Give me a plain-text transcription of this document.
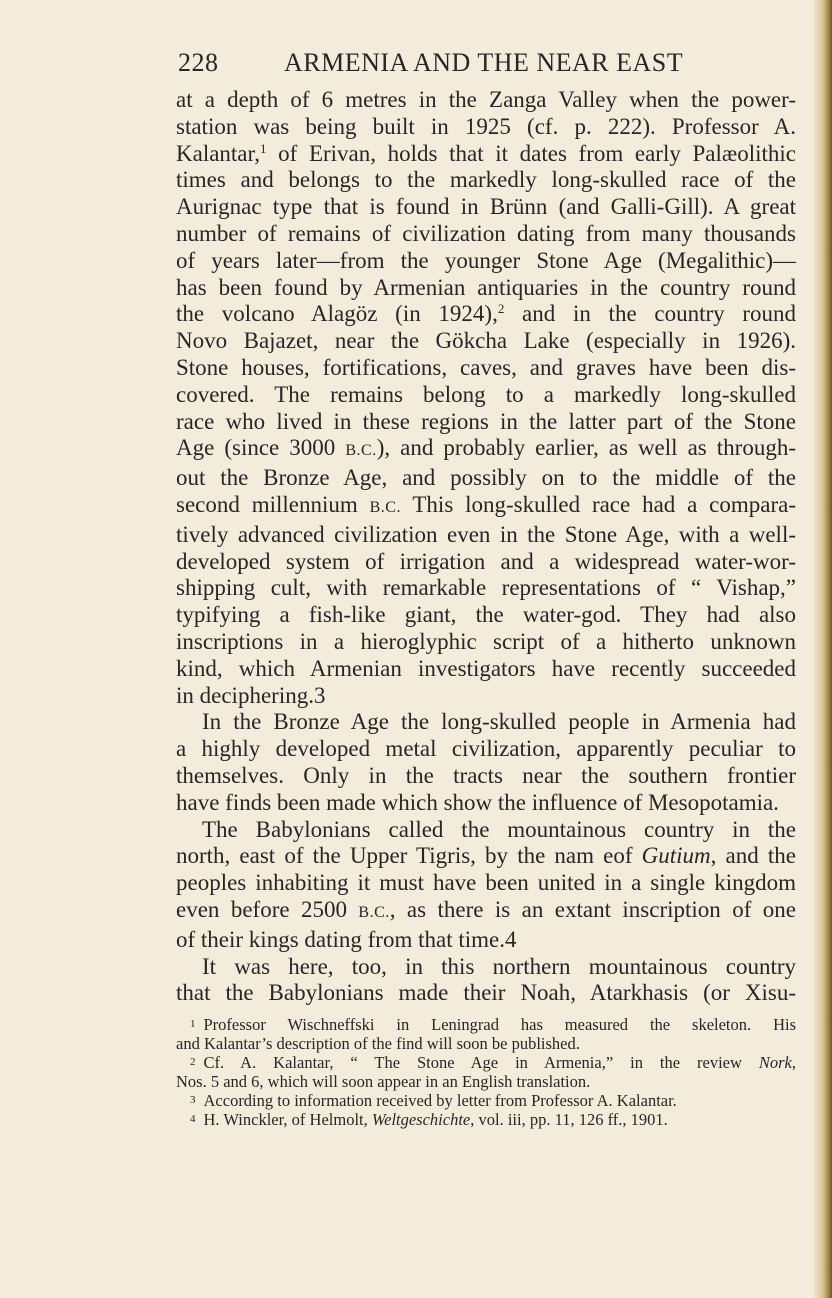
228	ARMENIA AND THE NEAR EAST
at a depth of 6 metres in the Zanga Valley when the power-
station was being built in 1925 (cf. p. 222). Professor A.
Kalantar,$^1$ of Erivan, holds that it dates from early Palæolithic
times and belongs to the markedly long-skulled race of the
Aurignac type that is found in Brünn (and Galli-Gill). A great
number of remains of civilization dating from many thousands
of years later—from the younger Stone Age (Megalithic)—
has been found by Armenian antiquaries in the country round
the volcano Alagöz (in 1924),$^2$ and in the country round
Novo Bajazet, near the Gökcha Lake (especially in 1926).
Stone houses, fortifications, caves, and graves have been dis-
covered. The remains belong to a markedly long-skulled
race who lived in these regions in the latter part of the Stone
Age (since 3000 B.C.), and probably earlier, as well as through-
out the Bronze Age, and possibly on to the middle of the
second millennium B.C. This long-skulled race had a compara-
tively advanced civilization even in the Stone Age, with a well-
developed system of irrigation and a widespread water-wor-
shipping cult, with remarkable representations of “ Vishap,”
typifying a fish-like giant, the water-god. They had also
inscriptions in a hieroglyphic script of a hitherto unknown
kind, which Armenian investigators have recently succeeded
in deciphering.3
In the Bronze Age the long-skulled people in Armenia had
a highly developed metal civilization, apparently peculiar to
themselves. Only in the tracts near the southern frontier
have finds been made which show the influence of Mesopotamia.
The Babylonians called the mountainous country in the
north, east of the Upper Tigris, by the nam eof Gutium, and the
peoples inhabiting it must have been united in a single kingdom
even before 2500 B.C., as there is an extant inscription of one
of their kings dating from that time.4
It was here, too, in this northern mountainous country
that the Babylonians made their Noah, Atarkhasis (or Xisu-
1 Professor Wischneffski in Leningrad has measured the skeleton. His
and Kalantar’s description of the find will soon be published.
2 Cf. A. Kalantar, “ The Stone Age in Armenia,” in the review Nork,
Nos. 5 and 6, which will soon appear in an English translation.
3 According to information received by letter from Professor A. Kalantar.
4 H. Winckler, of Helmolt, Weltgeschichte, vol. iii, pp. 11, 126 ff., 1901.
